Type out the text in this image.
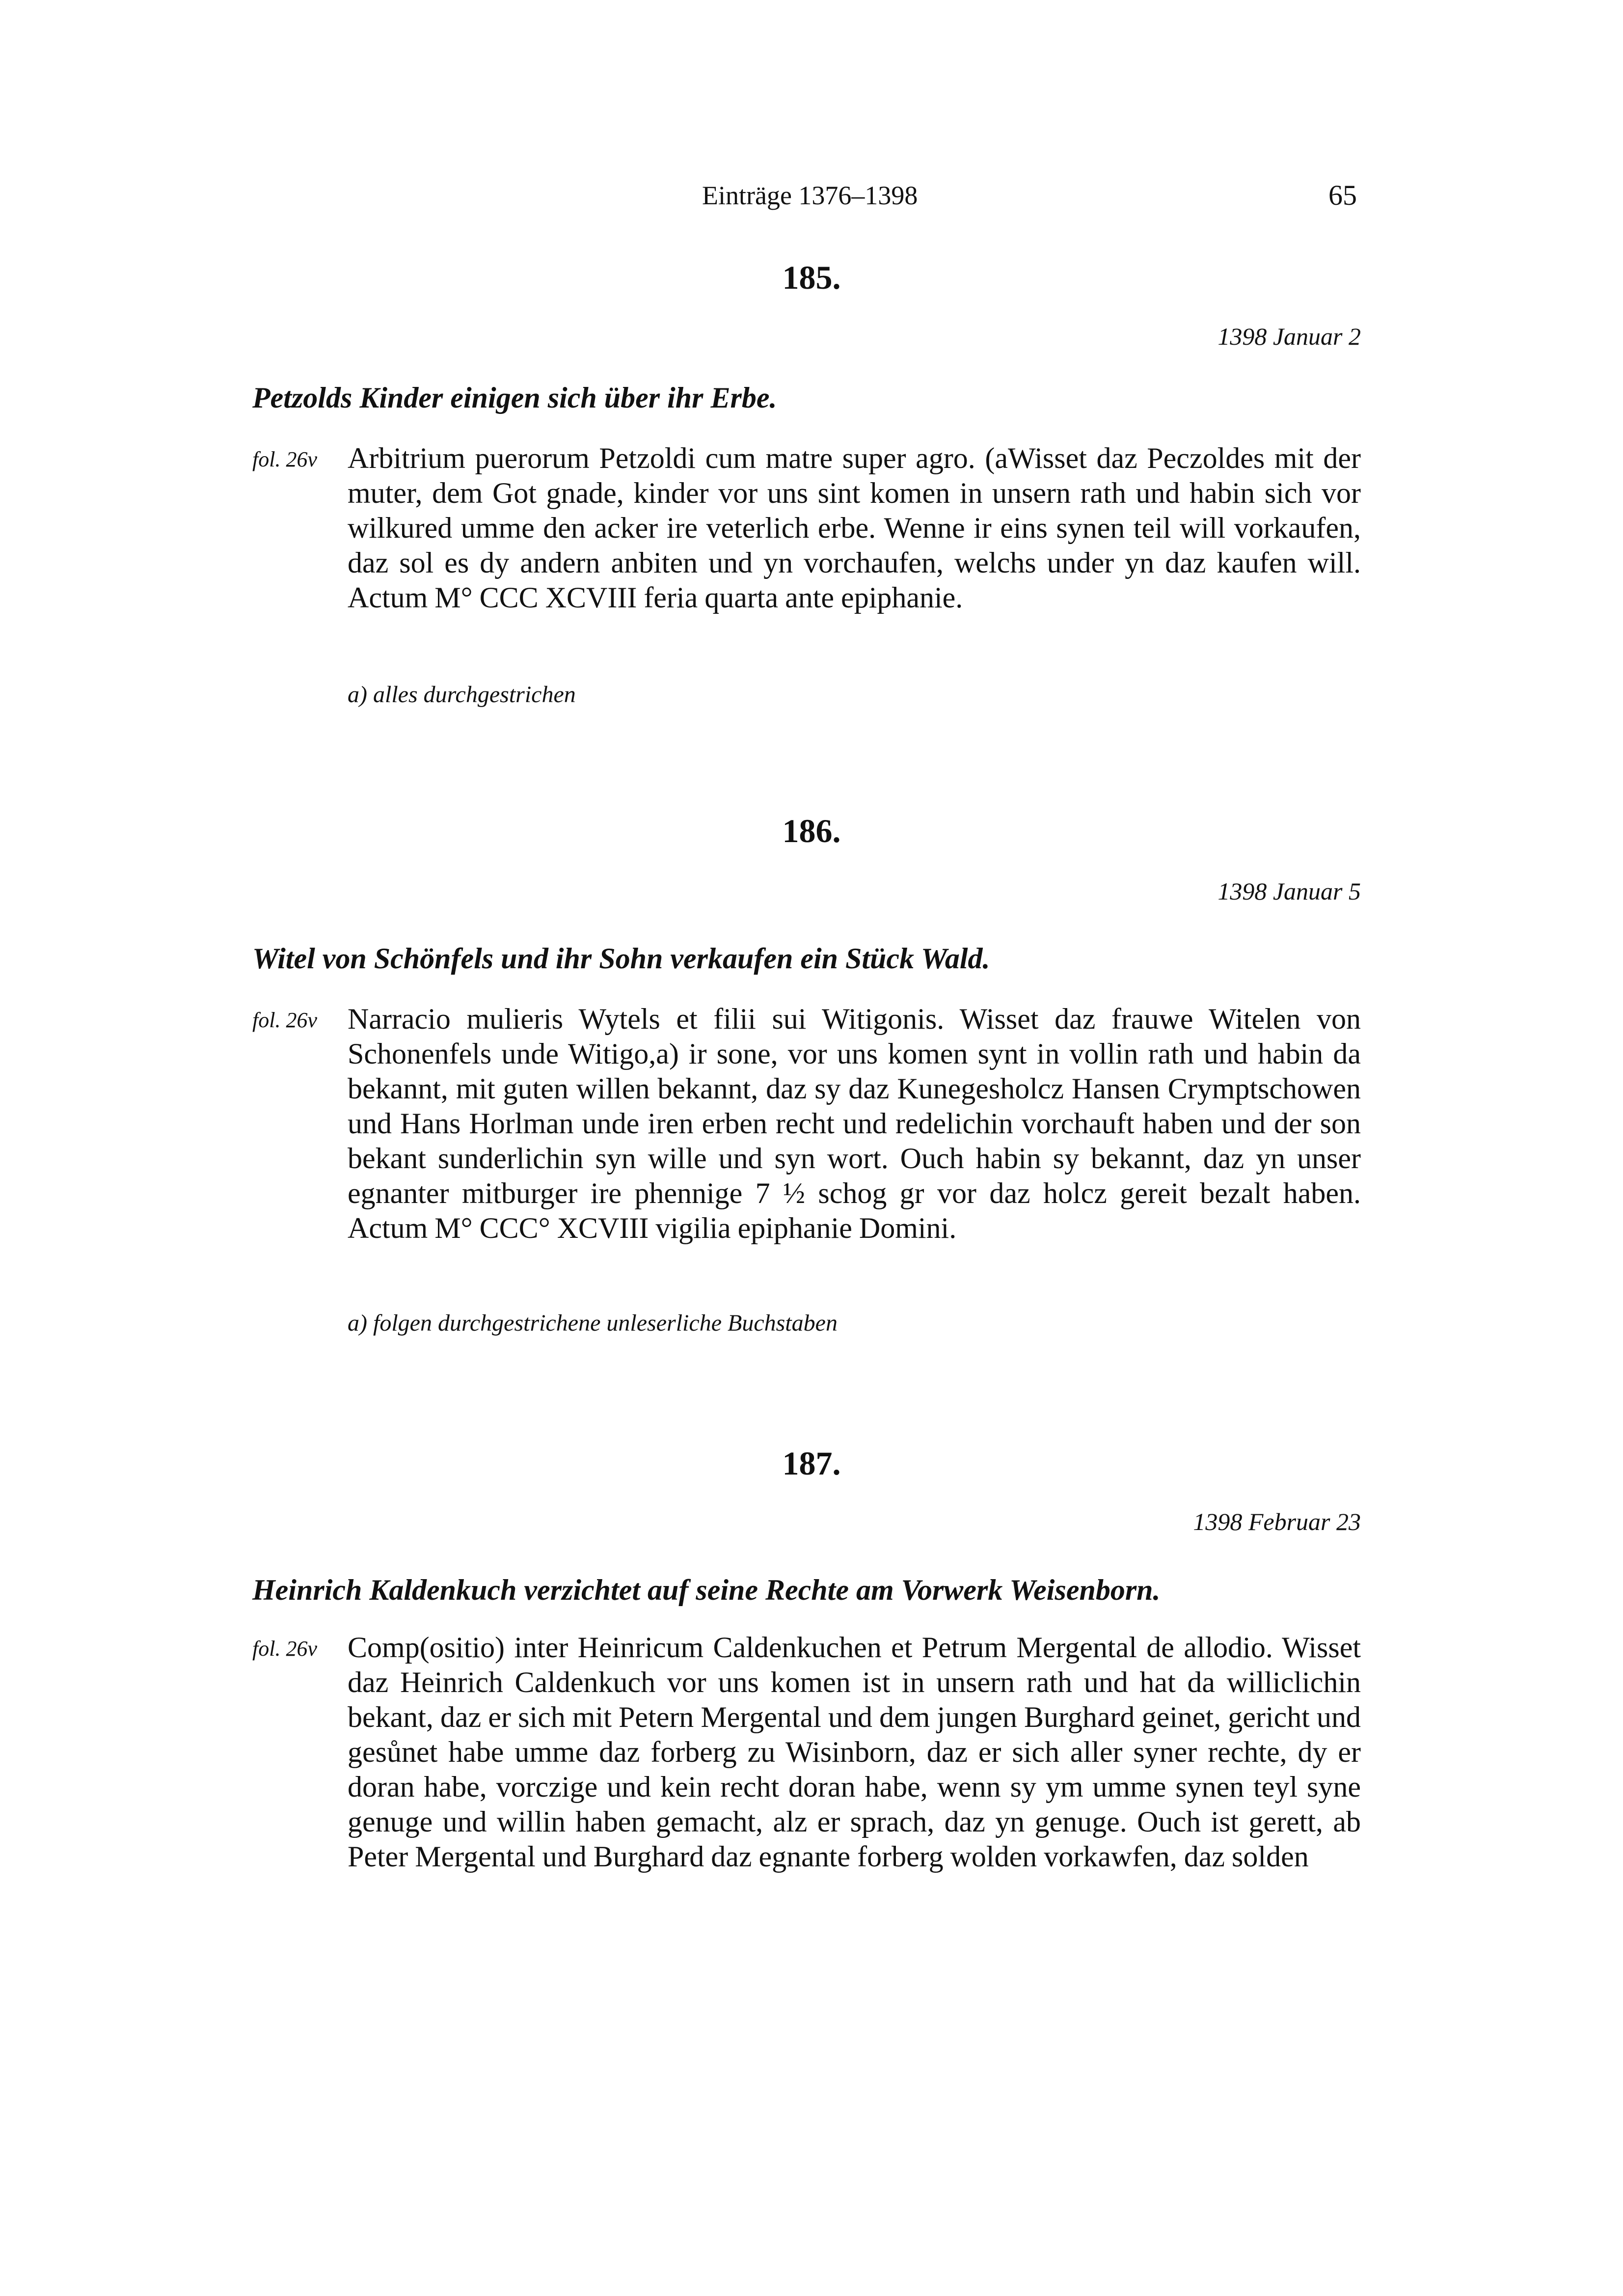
Einträge 1376–1398	65
185.
1398 Januar 2
Petzolds Kinder einigen sich über ihr Erbe.
fol. 26v Arbitrium puerorum Petzoldi cum matre super agro. (aWisset daz Peczoldes mit der muter, dem Got gnade, kinder vor uns sint komen in unsern rath und habin sich vor wilkured umme den acker ire veterlich erbe. Wenne ir eins synen teil will vorkaufen, daz sol es dy andern anbiten und yn vorchaufen, welchs under yn daz kaufen will. Actum M° CCC XCVIII feria quarta ante epiphanie.

a) alles durchgestrichen
186.
1398 Januar 5
Witel von Schönfels und ihr Sohn verkaufen ein Stück Wald.
fol. 26v Narracio mulieris Wytels et filii sui Witigonis. Wisset daz frauwe Witelen von Schonenfels unde Witigo,a) ir sone, vor uns komen synt in vollin rath und habin da bekannt, mit guten willen bekannt, daz sy daz Kunegesholcz Hansen Crymptschowen und Hans Horlman unde iren erben recht und redelichin vorchauft haben und der son bekant sunderlichin syn wille und syn wort. Ouch habin sy bekannt, daz yn unser egnanter mitburger ire phennige 7 ½ schog gr vor daz holcz gereit bezalt haben. Actum M° CCC° XCVIII vigilia epiphanie Domini.

a) folgen durchgestrichene unleserliche Buchstaben
187.
1398 Februar 23
Heinrich Kaldenkuch verzichtet auf seine Rechte am Vorwerk Weisenborn.
fol. 26v Comp(ositio) inter Heinricum Caldenkuchen et Petrum Mergental de allodio. Wisset daz Heinrich Caldenkuch vor uns komen ist in unsern rath und hat da williclichin bekant, daz er sich mit Petern Mergental und dem jungen Burghard geinet, gericht und gesůnet habe umme daz forberg zu Wisinborn, daz er sich aller syner rechte, dy er doran habe, vorczige und kein recht doran habe, wenn sy ym umme synen teyl syne genuge und willin haben gemacht, alz er sprach, daz yn genuge. Ouch ist gerett, ab Peter Mergental und Burghard daz egnante forberg wolden vorkawfen, daz solden
